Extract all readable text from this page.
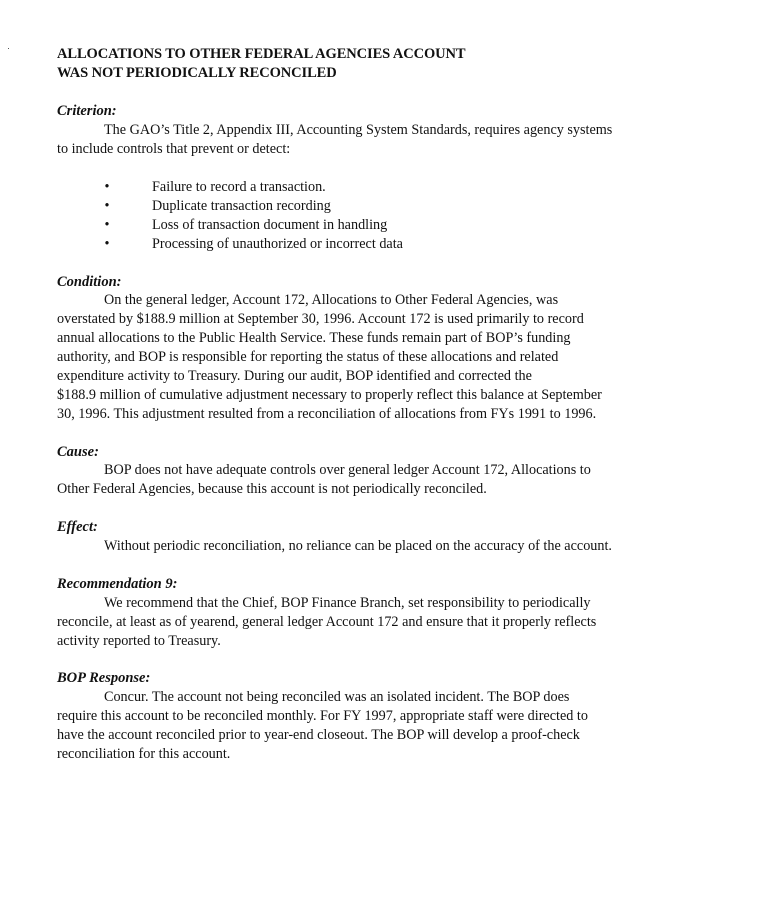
ALLOCATIONS TO OTHER FEDERAL AGENCIES ACCOUNT
WAS NOT PERIODICALLY RECONCILED
Criterion:
The GAO’s Title 2, Appendix III, Accounting System Standards, requires agency systems
to include controls that prevent or detect:
•	Failure to record a transaction.
•	Duplicate transaction recording
•	Loss of transaction document in handling
•	Processing of unauthorized or incorrect data
Condition:
On the general ledger, Account 172, Allocations to Other Federal Agencies, was
overstated by $188.9 million at September 30, 1996. Account 172 is used primarily to record
annual allocations to the Public Health Service. These funds remain part of BOP’s funding
authority, and BOP is responsible for reporting the status of these allocations and related
expenditure activity to Treasury. During our audit, BOP identified and corrected the
$188.9 million of cumulative adjustment necessary to properly reflect this balance at September
30, 1996. This adjustment resulted from a reconciliation of allocations from FYs 1991 to 1996.
Cause:
BOP does not have adequate controls over general ledger Account 172, Allocations to
Other Federal Agencies, because this account is not periodically reconciled.
Effect:
Without periodic reconciliation, no reliance can be placed on the accuracy of the account.
Recommendation 9:
We recommend that the Chief, BOP Finance Branch, set responsibility to periodically
reconcile, at least as of yearend, general ledger Account 172 and ensure that it properly reflects
activity reported to Treasury.
BOP Response:
Concur. The account not being reconciled was an isolated incident. The BOP does
require this account to be reconciled monthly. For FY 1997, appropriate staff were directed to
have the account reconciled prior to year-end closeout. The BOP will develop a proof-check
reconciliation for this account.
